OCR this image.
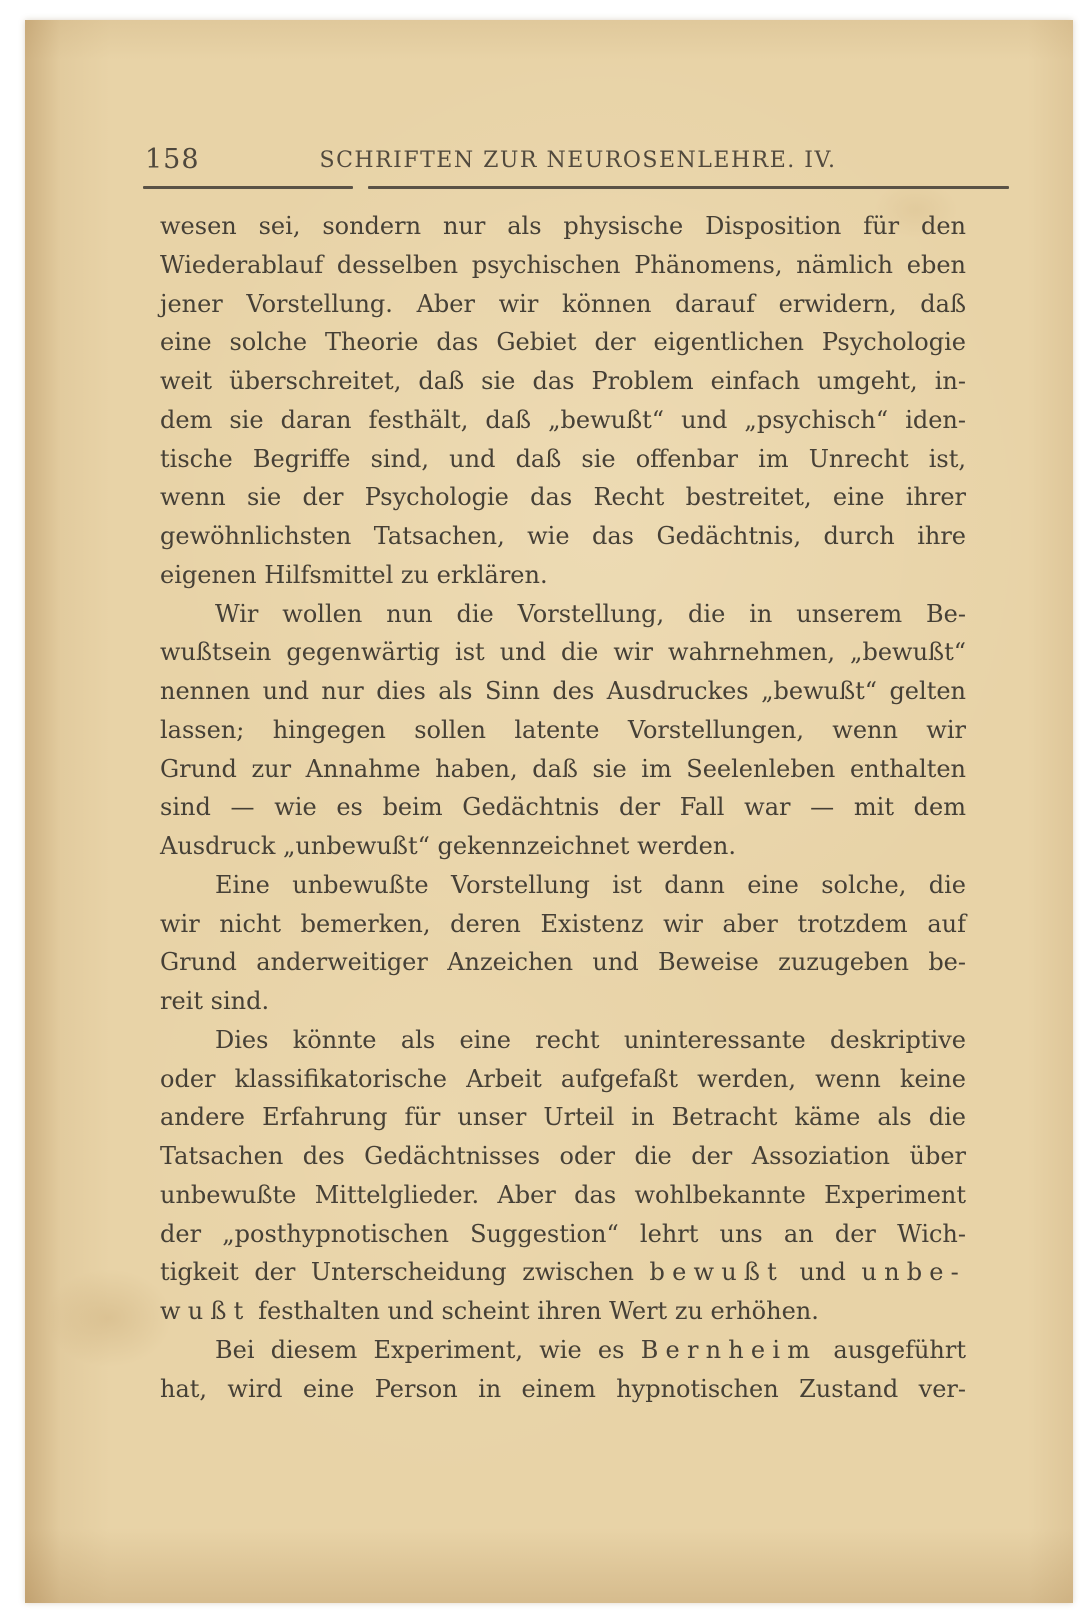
158	SCHRIFTEN ZUR NEUROSENLEHRE. IV.
wesen sei, sondern nur als physische Disposition für den
Wiederablauf desselben psychischen Phänomens, nämlich eben
jener Vorstellung. Aber wir können darauf erwidern, daß
eine solche Theorie das Gebiet der eigentlichen Psychologie
weit überschreitet, daß sie das Problem einfach umgeht, in-
dem sie daran festhält, daß „bewußt“ und „psychisch“ iden-
tische Begriffe sind, und daß sie offenbar im Unrecht ist,
wenn sie der Psychologie das Recht bestreitet, eine ihrer
gewöhnlichsten Tatsachen, wie das Gedächtnis, durch ihre
eigenen Hilfsmittel zu erklären.
Wir wollen nun die Vorstellung, die in unserem Be-
wußtsein gegenwärtig ist und die wir wahrnehmen, „bewußt“
nennen und nur dies als Sinn des Ausdruckes „bewußt“ gelten
lassen; hingegen sollen latente Vorstellungen, wenn wir
Grund zur Annahme haben, daß sie im Seelenleben enthalten
sind — wie es beim Gedächtnis der Fall war — mit dem
Ausdruck „unbewußt“ gekennzeichnet werden.
Eine unbewußte Vorstellung ist dann eine solche, die
wir nicht bemerken, deren Existenz wir aber trotzdem auf
Grund anderweitiger Anzeichen und Beweise zuzugeben be-
reit sind.
Dies könnte als eine recht uninteressante deskriptive
oder klassifikatorische Arbeit aufgefaßt werden, wenn keine
andere Erfahrung für unser Urteil in Betracht käme als die
Tatsachen des Gedächtnisses oder die der Assoziation über
unbewußte Mittelglieder. Aber das wohlbekannte Experiment
der „posthypnotischen Suggestion“ lehrt uns an der Wich-
tigkeit der Unterscheidung zwischen bewußt und unbe-
wußt festhalten und scheint ihren Wert zu erhöhen.
Bei diesem Experiment, wie es Bernheim ausgeführt
hat, wird eine Person in einem hypnotischen Zustand ver-
